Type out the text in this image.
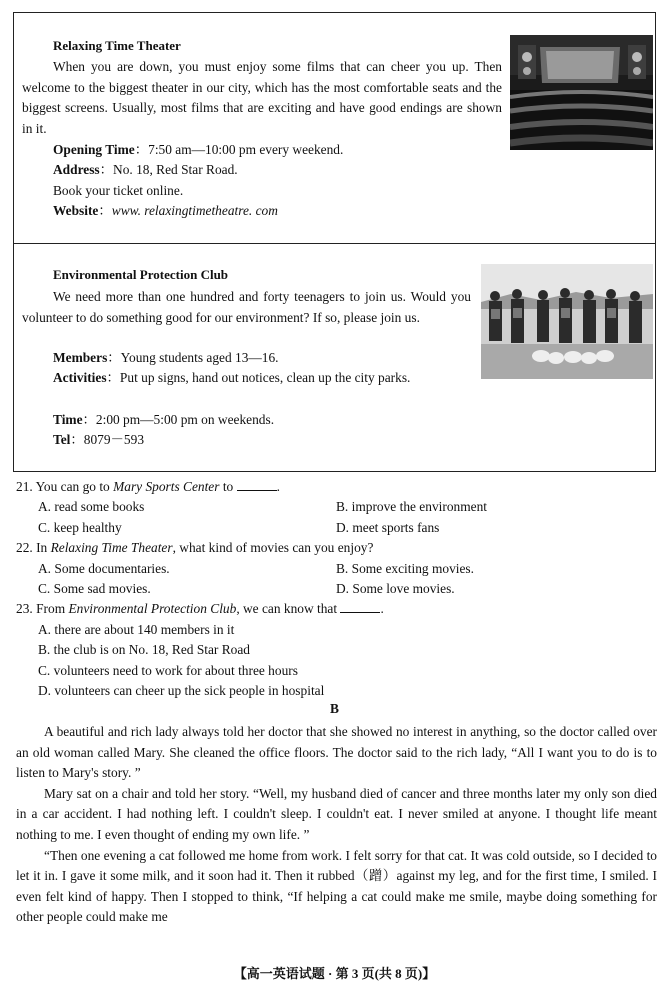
Relaxing Time Theater
When you are down, you must enjoy some films that can cheer you up. Then welcome to the biggest theater in our city, which has the most comfortable seats and the biggest screens. Usually, most films that are exciting and have good endings are shown in it.
Opening Time：7:50 am—10:00 pm every weekend.
Address：No. 18, Red Star Road.
Book your ticket online.
Website：www. relaxingtimetheatre. com
Environmental Protection Club
We need more than one hundred and forty teenagers to join us. Would you volunteer to do something good for our environment? If so, please join us.
Members：Young students aged 13—16.
Activities：Put up signs, hand out notices, clean up the city parks.
Time：2:00 pm—5:00 pm on weekends.
Tel：8079－593
21. You can go to Mary Sports Center to	.
A. read some books	B. improve the environment
C. keep healthy	D. meet sports fans
22. In Relaxing Time Theater, what kind of movies can you enjoy?
A. Some documentaries.	B. Some exciting movies.
C. Some sad movies.	D. Some love movies.
23. From Environmental Protection Club, we can know that	.
A. there are about 140 members in it
B. the club is on No. 18, Red Star Road
C. volunteers need to work for about three hours
D. volunteers can cheer up the sick people in hospital
B

A beautiful and rich lady always told her doctor that she showed no interest in anything, so the doctor called over an old woman called Mary. She cleaned the office floors. The doctor said to the rich lady, “All I want you to do is to listen to Mary's story. ”

Mary sat on a chair and told her story. “Well, my husband died of cancer and three months later my only son died in a car accident. I had nothing left. I couldn't sleep. I couldn't eat. I never smiled at anyone. I thought life meant nothing to me. I even thought of ending my own life. ”

“Then one evening a cat followed me home from work. I felt sorry for that cat. It was cold outside, so I decided to let it in. I gave it some milk, and it soon had it. Then it rubbed（蹭）against my leg, and for the first time, I smiled. I even felt kind of happy. Then I stopped to think, “If helping a cat could make me smile, maybe doing something for other people could make me

【高一英语试题 · 第 3 页(共 8 页)】
